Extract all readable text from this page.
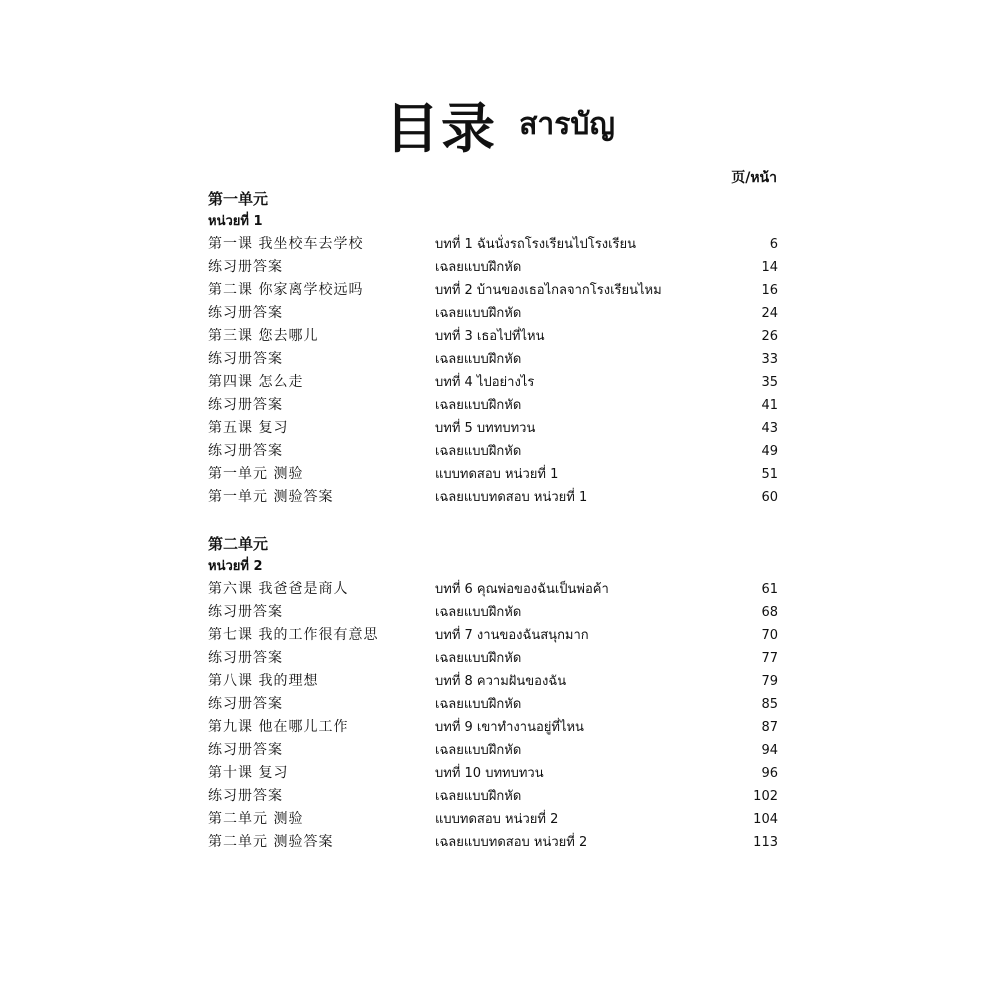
目录 สารบัญ
页/หน้า
第一单元
หน่วยที่ 1
第一课 我坐校车去学校	บทที่ 1 ฉันนั่งรถโรงเรียนไปโรงเรียน	6
练习册答案	เฉลยแบบฝึกหัด	14
第二课 你家离学校远吗	บทที่ 2 บ้านของเธอไกลจากโรงเรียนไหม	16
练习册答案	เฉลยแบบฝึกหัด	24
第三课 您去哪儿	บทที่ 3 เธอไปที่ไหน	26
练习册答案	เฉลยแบบฝึกหัด	33
第四课 怎么走	บทที่ 4 ไปอย่างไร	35
练习册答案	เฉลยแบบฝึกหัด	41
第五课 复习	บทที่ 5 บททบทวน	43
练习册答案	เฉลยแบบฝึกหัด	49
第一单元 测验	แบบทดสอบ หน่วยที่ 1	51
第一单元 测验答案	เฉลยแบบทดสอบ หน่วยที่ 1	60
第二单元
หน่วยที่ 2
第六课 我爸爸是商人	บทที่ 6 คุณพ่อของฉันเป็นพ่อค้า	61
练习册答案	เฉลยแบบฝึกหัด	68
第七课 我的工作很有意思	บทที่ 7 งานของฉันสนุกมาก	70
练习册答案	เฉลยแบบฝึกหัด	77
第八课 我的理想	บทที่ 8 ความฝันของฉัน	79
练习册答案	เฉลยแบบฝึกหัด	85
第九课 他在哪儿工作	บทที่ 9 เขาทำงานอยู่ที่ไหน	87
练习册答案	เฉลยแบบฝึกหัด	94
第十课 复习	บทที่ 10 บททบทวน	96
练习册答案	เฉลยแบบฝึกหัด	102
第二单元 测验	แบบทดสอบ หน่วยที่ 2	104
第二单元 测验答案	เฉลยแบบทดสอบ หน่วยที่ 2	113
